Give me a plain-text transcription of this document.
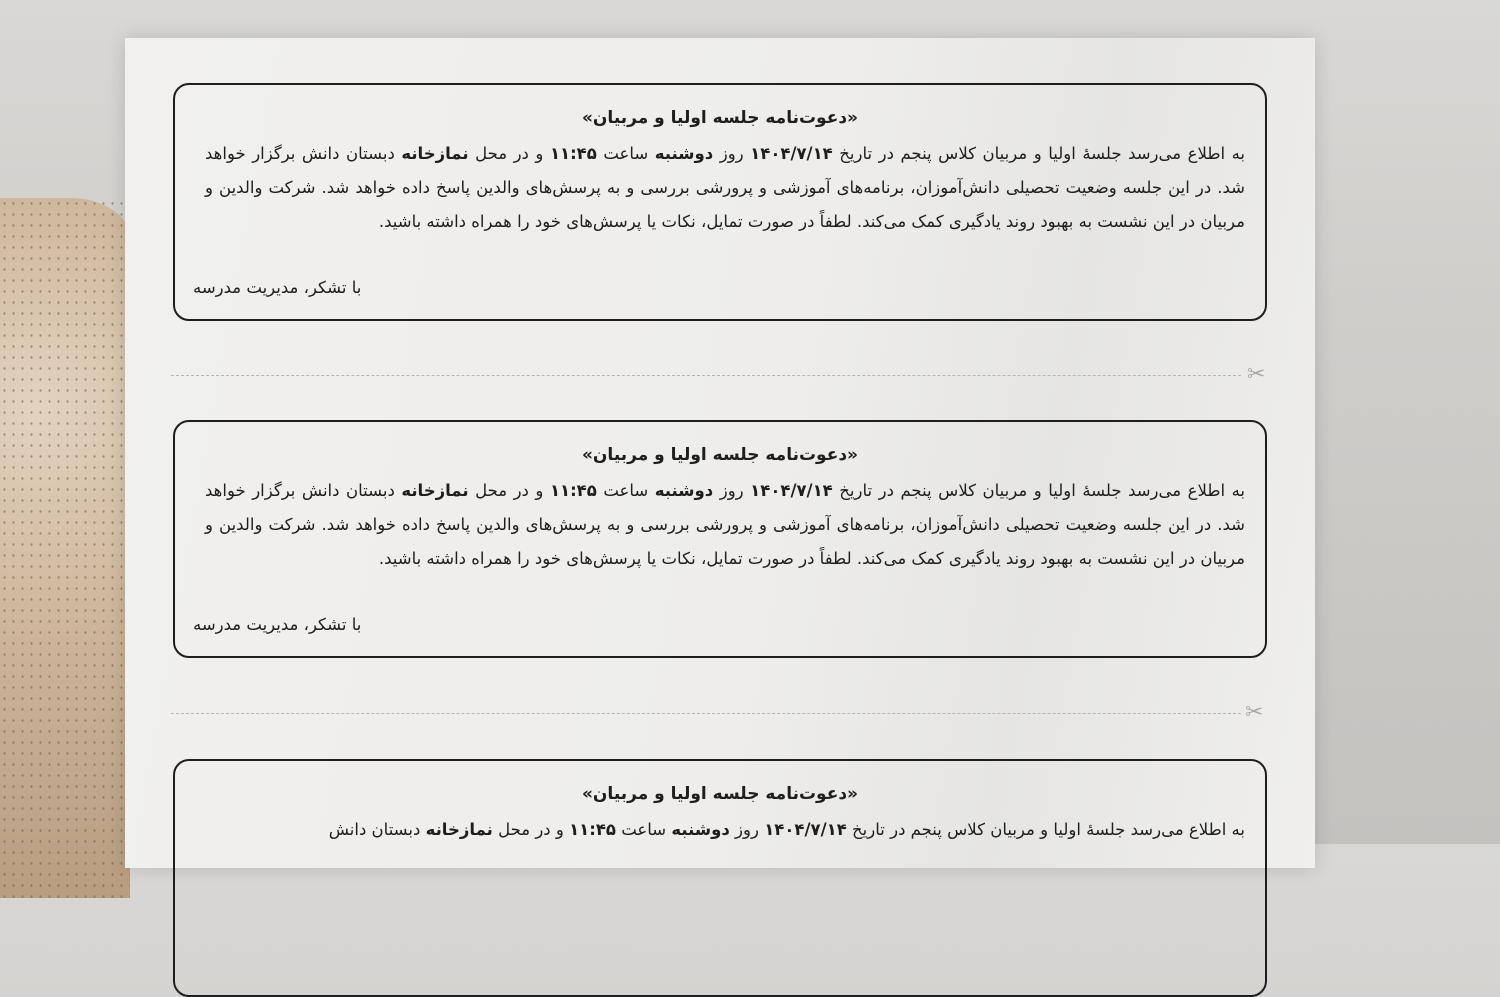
«دعوت‌نامه جلسه اولیا و مربیان»
به اطلاع می‌رسد جلسهٔ اولیا و مربیان کلاس پنجم در تاریخ ۱۴۰۴/۷/۱۴ روز دوشنبه ساعت ۱۱:۴۵ و در محل نمازخانه دبستان دانش برگزار خواهد شد. در این جلسه وضعیت تحصیلی دانش‌آموزان، برنامه‌های آموزشی و پرورشی بررسی و به پرسش‌های والدین پاسخ داده خواهد شد. شرکت والدین و مربیان در این نشست به بهبود روند یادگیری کمک می‌کند. لطفاً در صورت تمایل، نکات یا پرسش‌های خود را همراه داشته باشید.
با تشکر، مدیریت مدرسه
✂
«دعوت‌نامه جلسه اولیا و مربیان»
به اطلاع می‌رسد جلسهٔ اولیا و مربیان کلاس پنجم در تاریخ ۱۴۰۴/۷/۱۴ روز دوشنبه ساعت ۱۱:۴۵ و در محل نمازخانه دبستان دانش برگزار خواهد شد. در این جلسه وضعیت تحصیلی دانش‌آموزان، برنامه‌های آموزشی و پرورشی بررسی و به پرسش‌های والدین پاسخ داده خواهد شد. شرکت والدین و مربیان در این نشست به بهبود روند یادگیری کمک می‌کند. لطفاً در صورت تمایل، نکات یا پرسش‌های خود را همراه داشته باشید.
با تشکر، مدیریت مدرسه
✂
«دعوت‌نامه جلسه اولیا و مربیان»
به اطلاع می‌رسد جلسهٔ اولیا و مربیان کلاس پنجم در تاریخ ۱۴۰۴/۷/۱۴ روز دوشنبه ساعت ۱۱:۴۵ و در محل نمازخانه دبستان دانش
